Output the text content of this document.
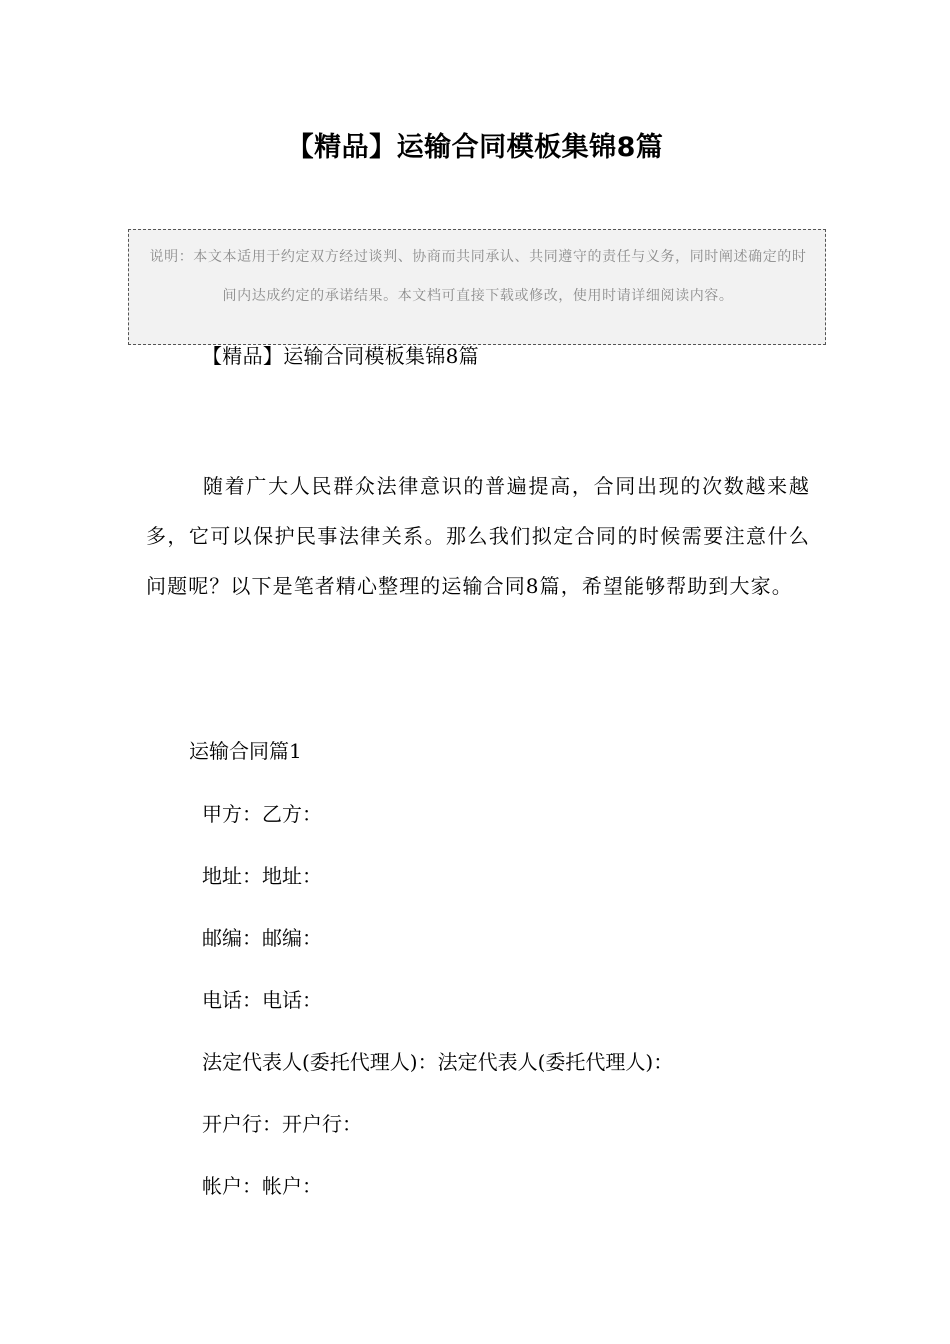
【精品】运输合同模板集锦8篇
说明：本文本适用于约定双方经过谈判、协商而共同承认、共同遵守的责任与义务，同时阐述确定的时间内达成约定的承诺结果。本文档可直接下载或修改，使用时请详细阅读内容。
【精品】运输合同模板集锦8篇

随着广大人民群众法律意识的普遍提高，合同出现的次数越来越多，它可以保护民事法律关系。那么我们拟定合同的时候需要注意什么问题呢？以下是笔者精心整理的运输合同8篇，希望能够帮助到大家。

运输合同篇1
甲方：乙方：
地址：地址：
邮编：邮编：
电话：电话：
法定代表人(委托代理人)：法定代表人(委托代理人)：
开户行：开户行：
帐户：帐户：
